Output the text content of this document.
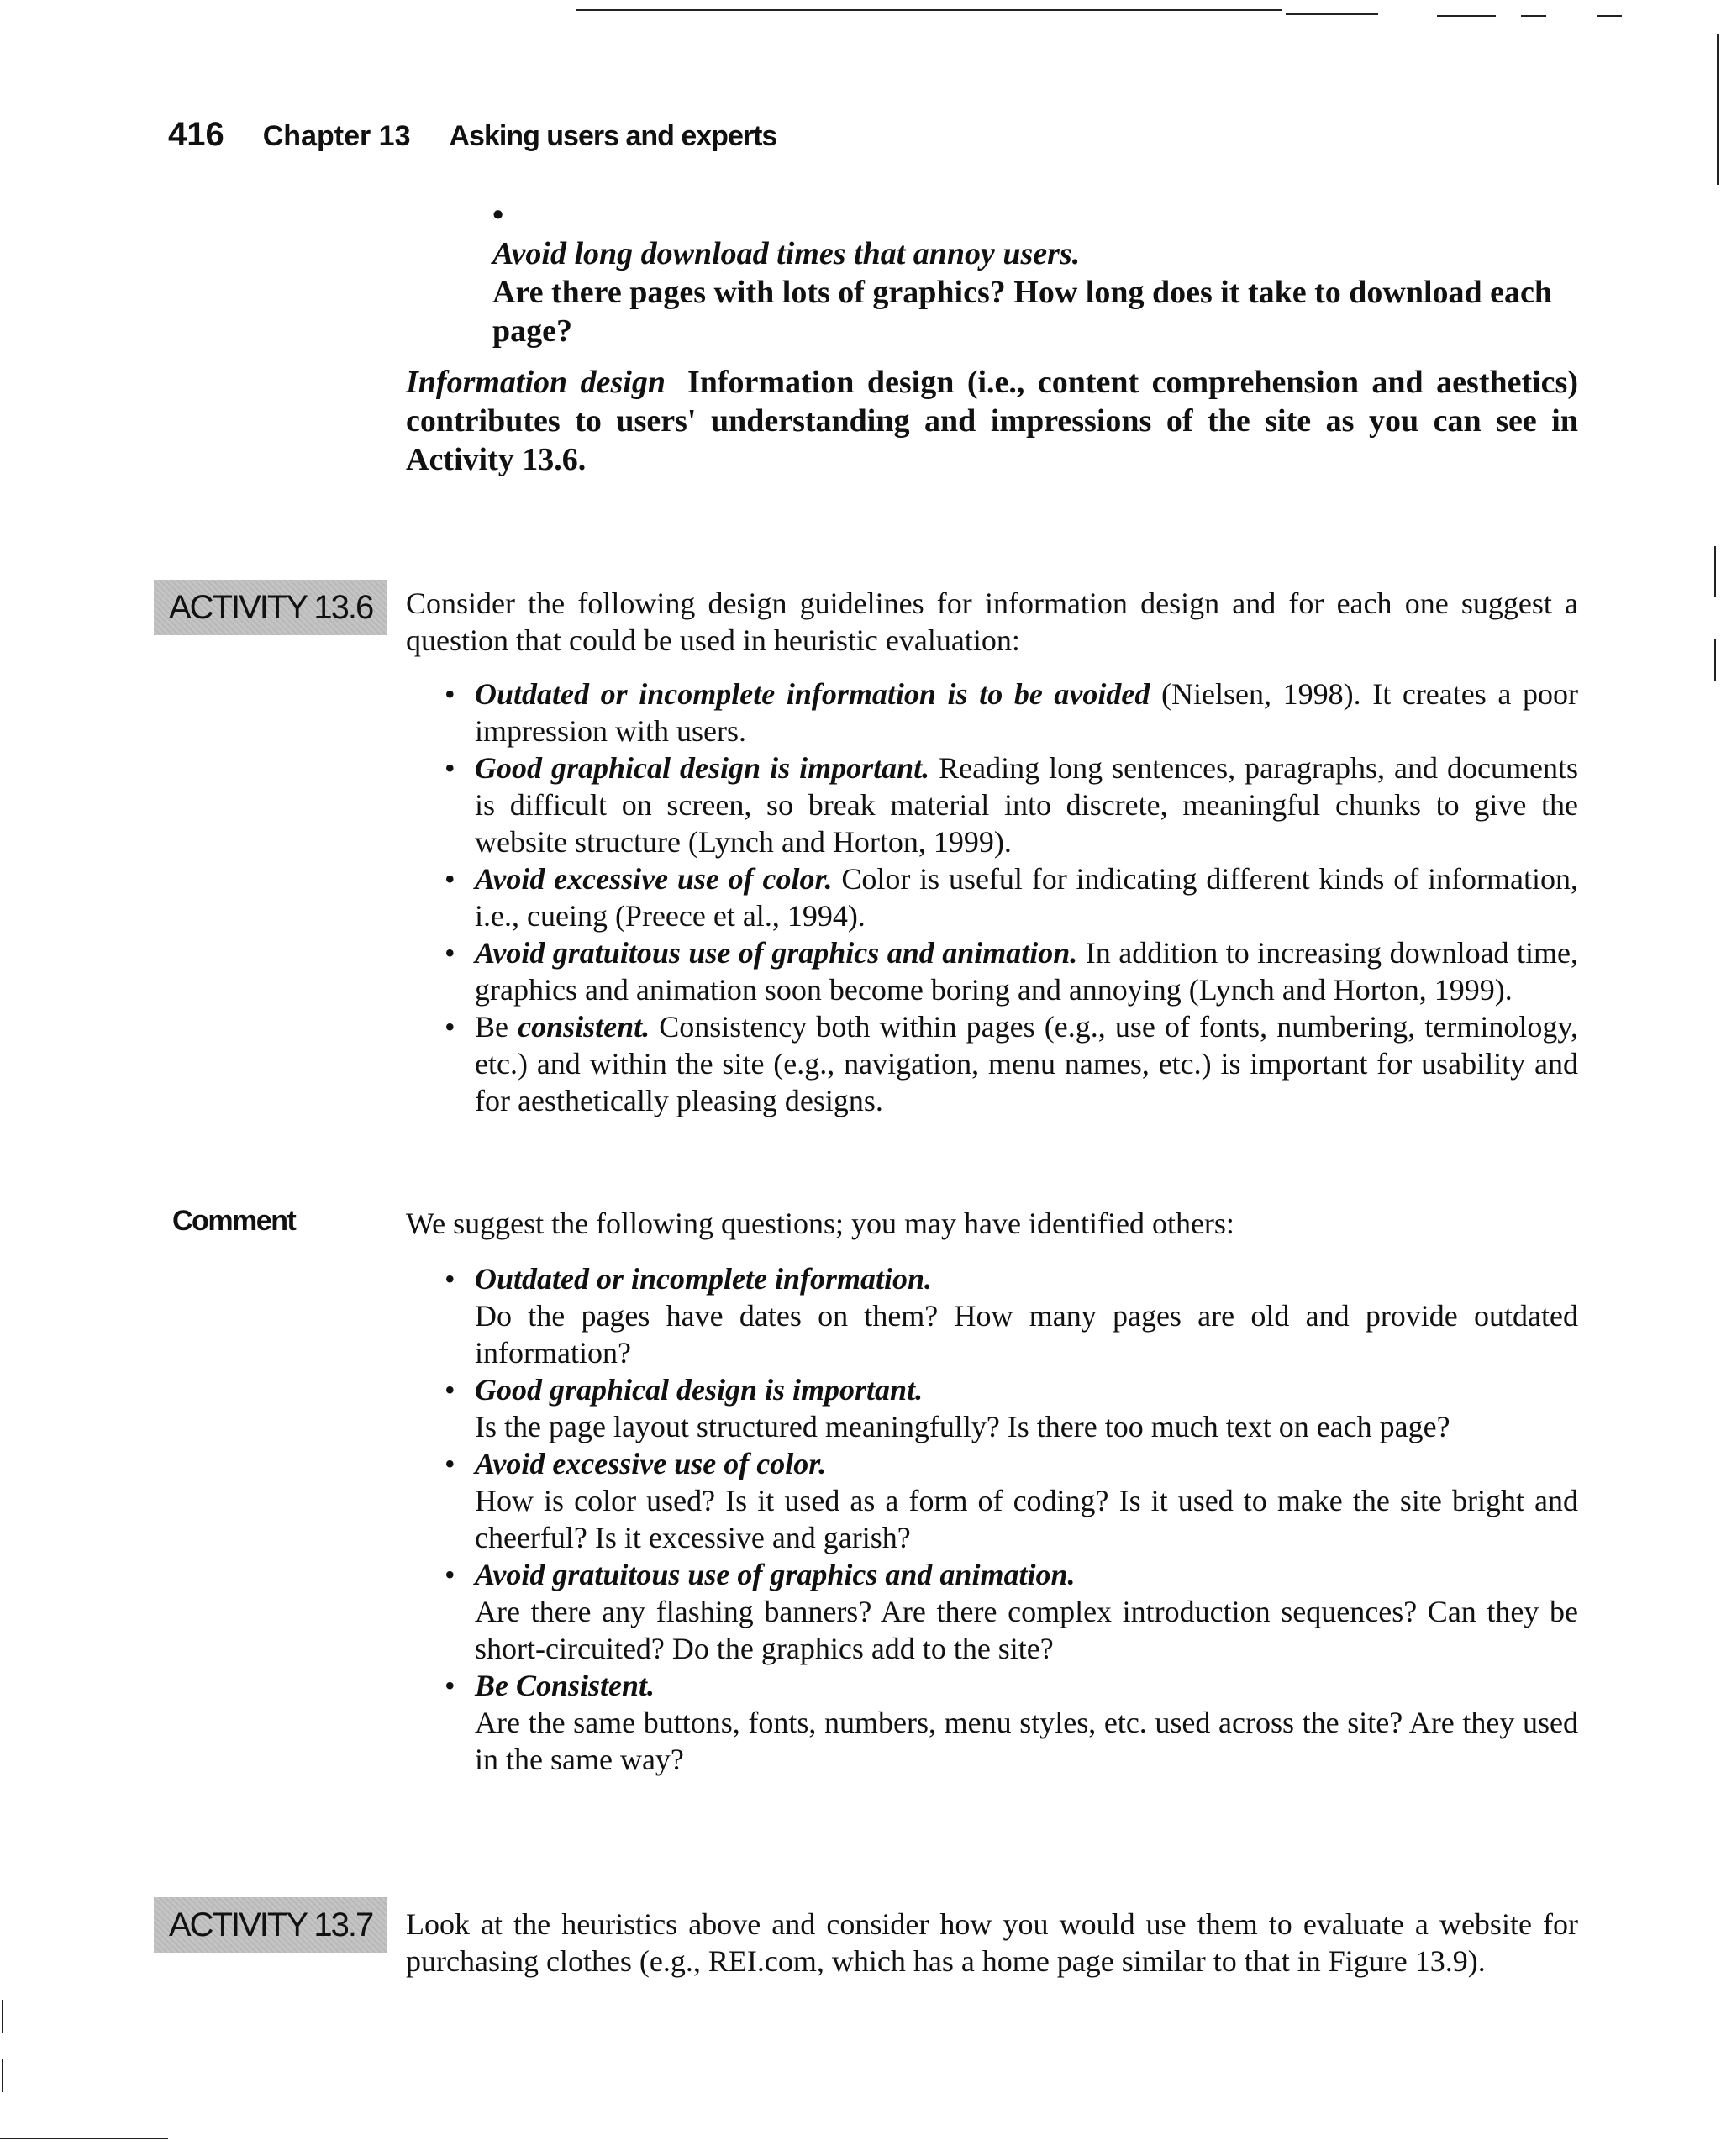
416 Chapter 13 Asking users and experts
•
Avoid long download times that annoy users.
Are there pages with lots of graphics? How long does it take to download each page?
Information design Information design (i.e., content comprehension and aesthetics) contributes to users' understanding and impressions of the site as you can see in Activity 13.6.
ACTIVITY 13.6	Consider the following design guidelines for information design and for each one suggest a question that could be used in heuristic evaluation:
• Outdated or incomplete information is to be avoided (Nielsen, 1998). It creates a poor impression with users.
• Good graphical design is important. Reading long sentences, paragraphs, and documents is difficult on screen, so break material into discrete, meaningful chunks to give the website structure (Lynch and Horton, 1999).
• Avoid excessive use of color. Color is useful for indicating different kinds of information, i.e., cueing (Preece et al., 1994).
• Avoid gratuitous use of graphics and animation. In addition to increasing download time, graphics and animation soon become boring and annoying (Lynch and Horton, 1999).
• Be consistent. Consistency both within pages (e.g., use of fonts, numbering, terminology, etc.) and within the site (e.g., navigation, menu names, etc.) is important for usability and for aesthetically pleasing designs.
Comment	We suggest the following questions; you may have identified others:
• Outdated or incomplete information.
Do the pages have dates on them? How many pages are old and provide outdated information?
• Good graphical design is important.
Is the page layout structured meaningfully? Is there too much text on each page?
• Avoid excessive use of color.
How is color used? Is it used as a form of coding? Is it used to make the site bright and cheerful? Is it excessive and garish?
• Avoid gratuitous use of graphics and animation.
Are there any flashing banners? Are there complex introduction sequences? Can they be short-circuited? Do the graphics add to the site?
• Be Consistent.
Are the same buttons, fonts, numbers, menu styles, etc. used across the site? Are they used in the same way?
ACTIVITY 13.7	Look at the heuristics above and consider how you would use them to evaluate a website for purchasing clothes (e.g., REI.com, which has a home page similar to that in Figure 13.9).
